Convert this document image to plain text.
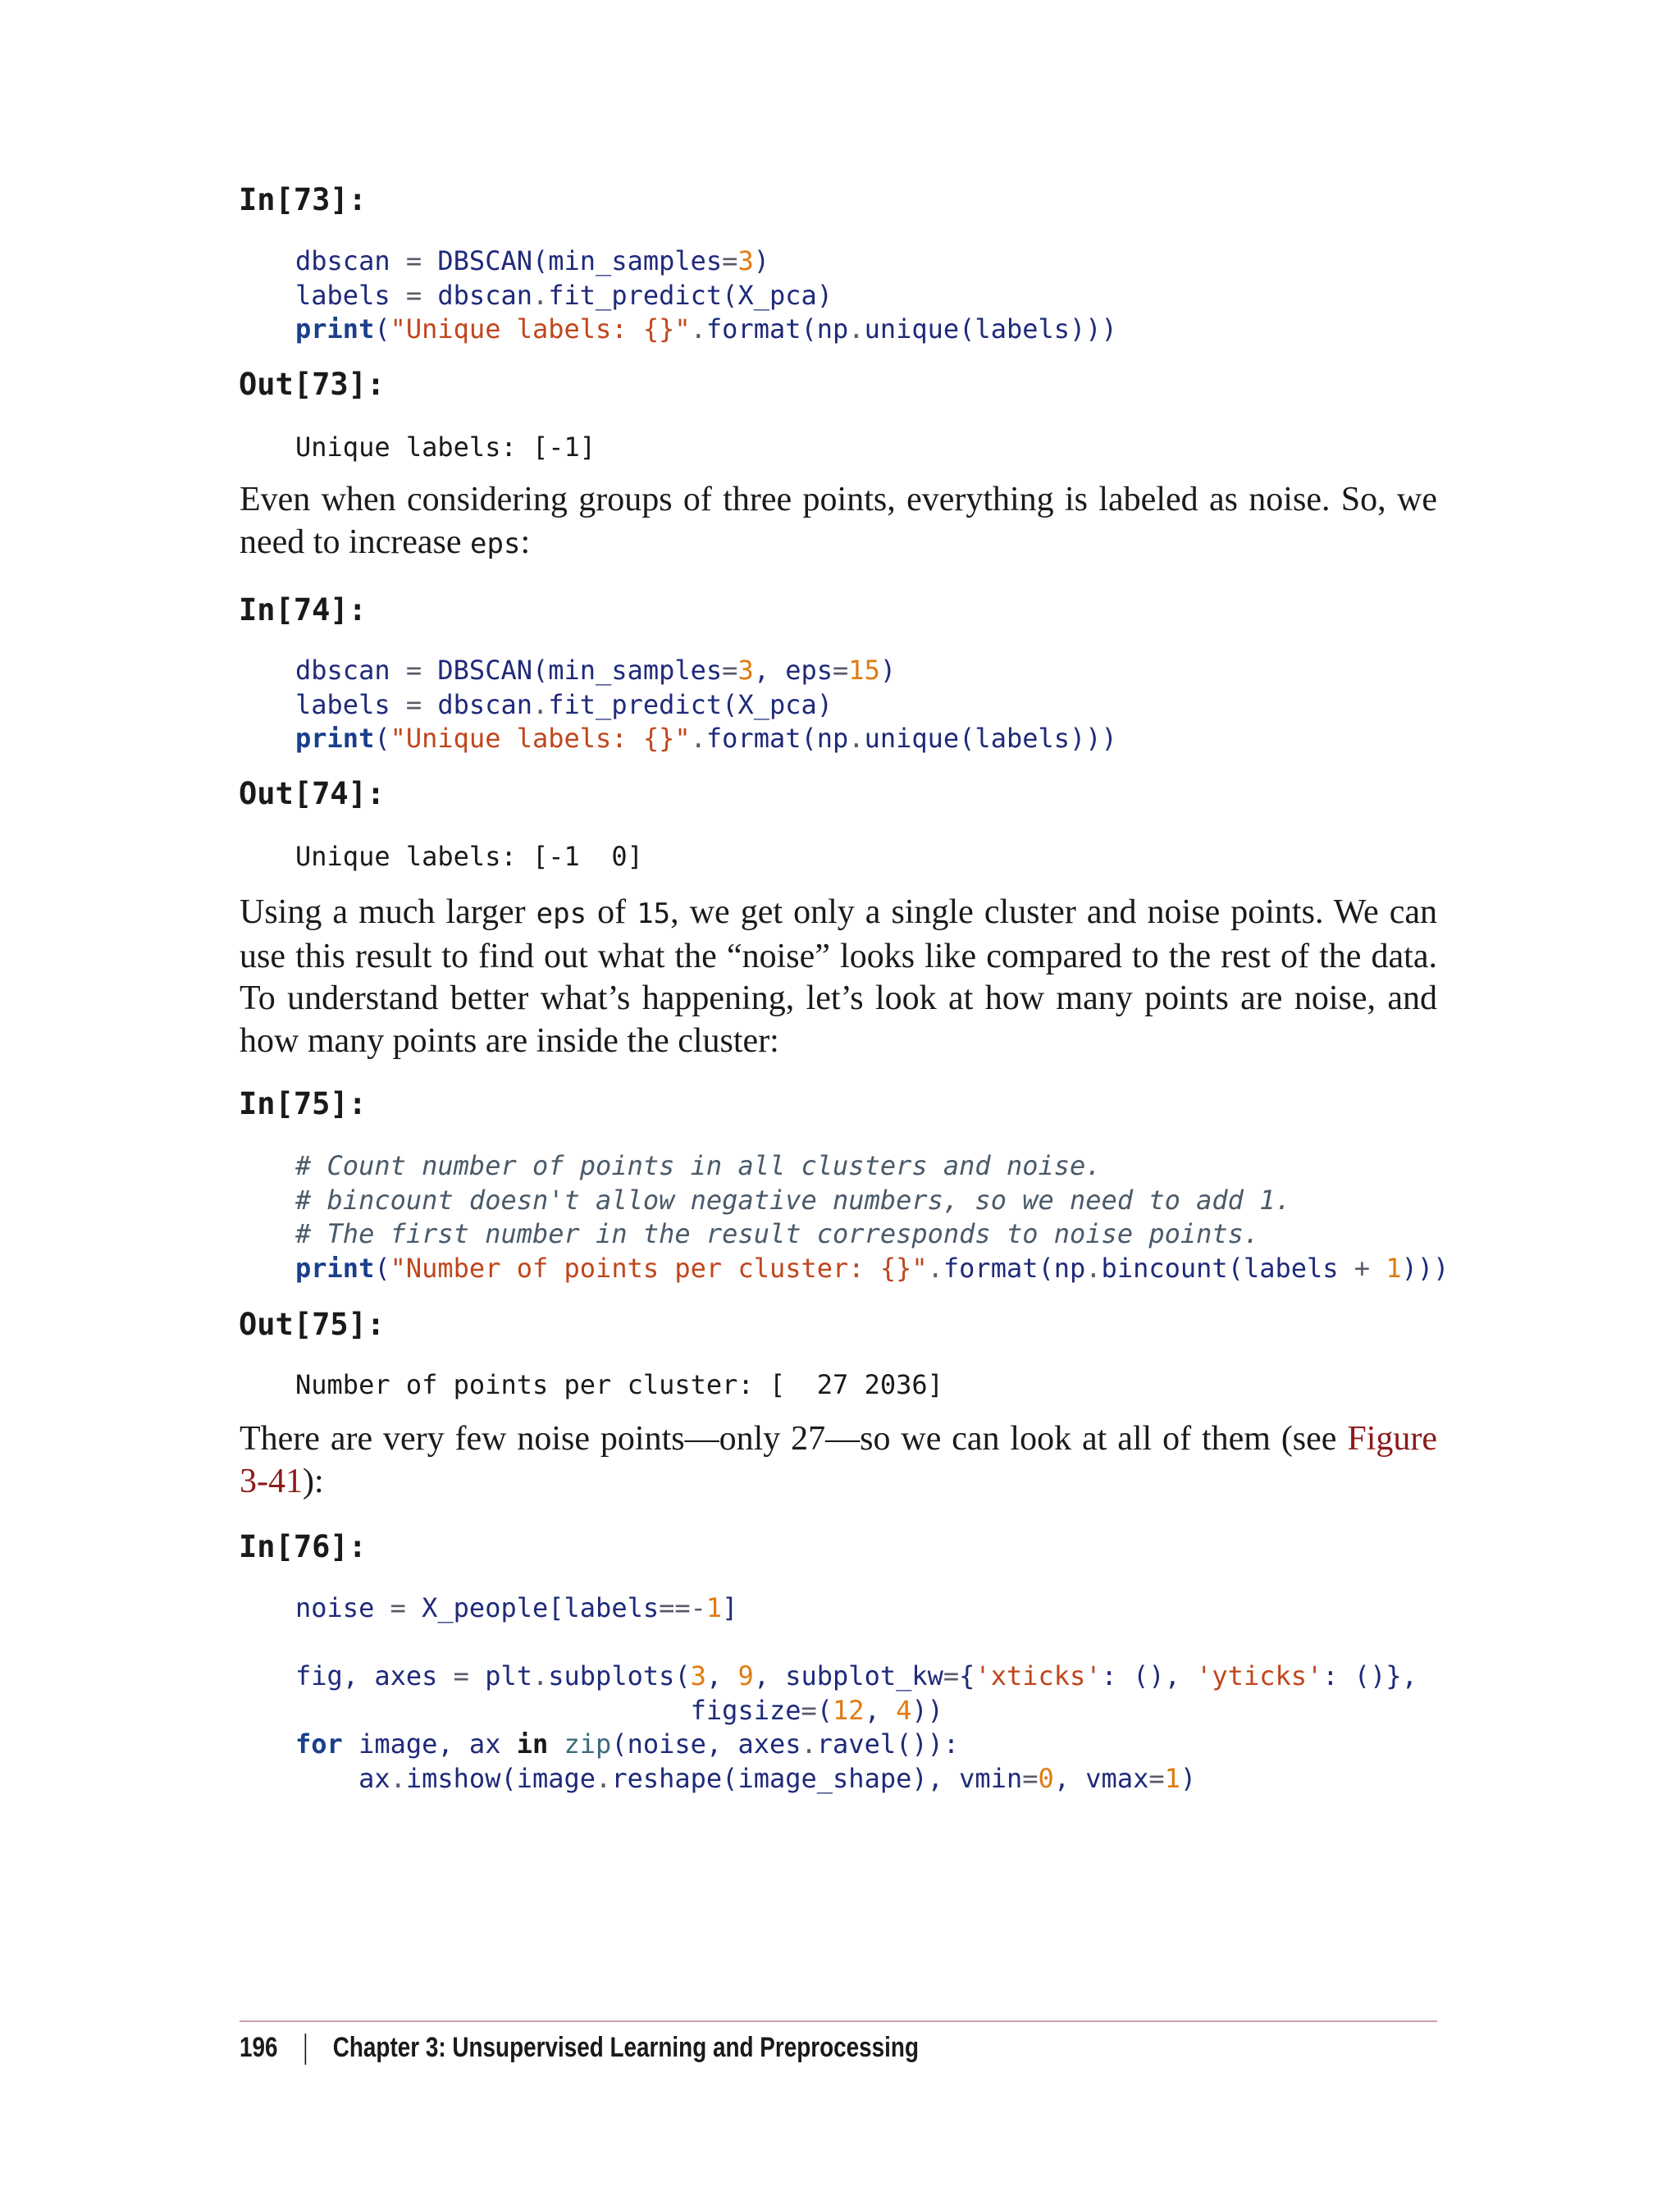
In[73]:
dbscan = DBSCAN(min_samples=3)
labels = dbscan.fit_predict(X_pca)
print("Unique labels: {}".format(np.unique(labels)))
Out[73]:
Unique labels: [-1]

Even when considering groups of three points, everything is labeled as noise. So, we need to increase eps:

In[74]:
dbscan = DBSCAN(min_samples=3, eps=15)
labels = dbscan.fit_predict(X_pca)
print("Unique labels: {}".format(np.unique(labels)))
Out[74]:
Unique labels: [-1  0]

Using a much larger eps of 15, we get only a single cluster and noise points. We can use this result to find out what the “noise” looks like compared to the rest of the data. To understand better what’s happening, let’s look at how many points are noise, and how many points are inside the cluster:

In[75]:
# Count number of points in all clusters and noise.
# bincount doesn't allow negative numbers, so we need to add 1.
# The first number in the result corresponds to noise points.
print("Number of points per cluster: {}".format(np.bincount(labels + 1)))
Out[75]:
Number of points per cluster: [  27 2036]

There are very few noise points—only 27—so we can look at all of them (see Figure 3-41):

In[76]:
noise = X_people[labels==-1]

fig, axes = plt.subplots(3, 9, subplot_kw={'xticks': (), 'yticks': ()},
figsize=(12, 4))
for image, ax in zip(noise, axes.ravel()):
ax.imshow(image.reshape(image_shape), vmin=0, vmax=1)
196 Chapter 3: Unsupervised Learning and Preprocessing
